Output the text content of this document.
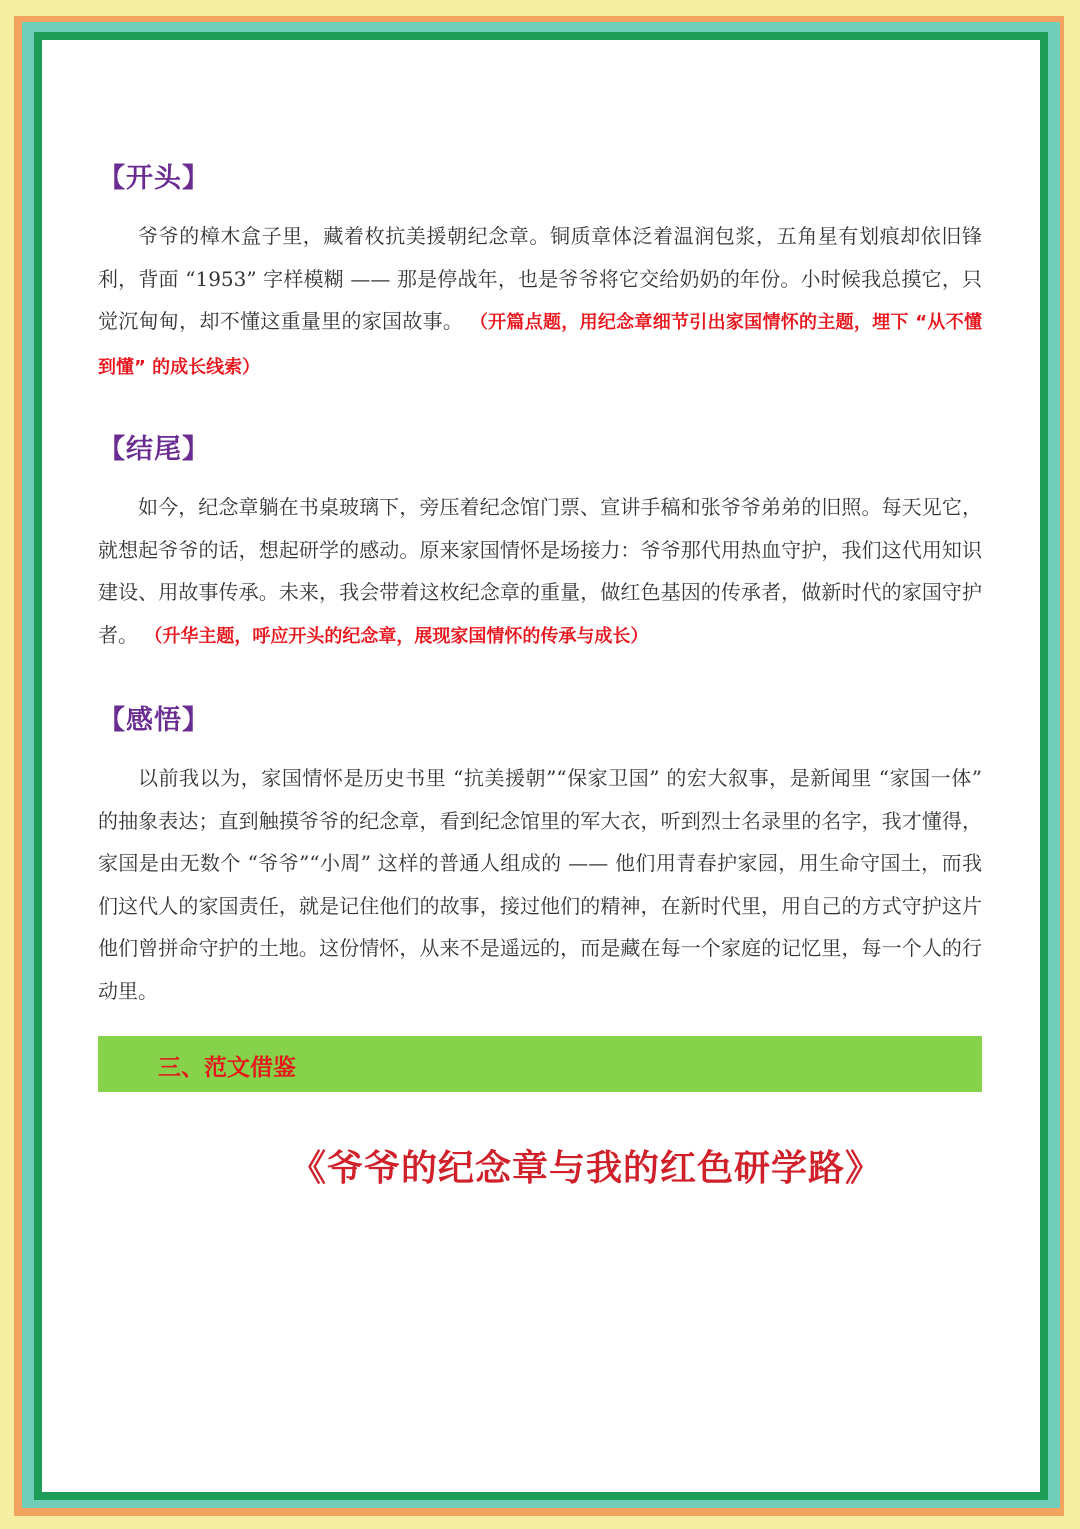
【开头】
爷爷的樟木盒子里，藏着枚抗美援朝纪念章。铜质章体泛着温润包浆，五角星有划痕却依旧锋利，背面 “1953” 字样模糊 —— 那是停战年，也是爷爷将它交给奶奶的年份。小时候我总摸它，只觉沉甸甸，却不懂这重量里的家国故事。 （开篇点题，用纪念章细节引出家国情怀的主题，埋下 “从不懂到懂” 的成长线索）
【结尾】
如今，纪念章躺在书桌玻璃下，旁压着纪念馆门票、宣讲手稿和张爷爷弟弟的旧照。每天见它，就想起爷爷的话，想起研学的感动。原来家国情怀是场接力：爷爷那代用热血守护，我们这代用知识建设、用故事传承。未来，我会带着这枚纪念章的重量，做红色基因的传承者，做新时代的家国守护者。 （升华主题，呼应开头的纪念章，展现家国情怀的传承与成长）
【感悟】
以前我以为，家国情怀是历史书里 “抗美援朝”“保家卫国” 的宏大叙事，是新闻里 “家国一体” 的抽象表达；直到触摸爷爷的纪念章，看到纪念馆里的军大衣，听到烈士名录里的名字，我才懂得，家国是由无数个 “爷爷”“小周” 这样的普通人组成的 —— 他们用青春护家园，用生命守国土，而我们这代人的家国责任，就是记住他们的故事，接过他们的精神，在新时代里，用自己的方式守护这片他们曾拼命守护的土地。这份情怀，从来不是遥远的，而是藏在每一个家庭的记忆里，每一个人的行动里。
三、范文借鉴
《爷爷的纪念章与我的红色研学路》
